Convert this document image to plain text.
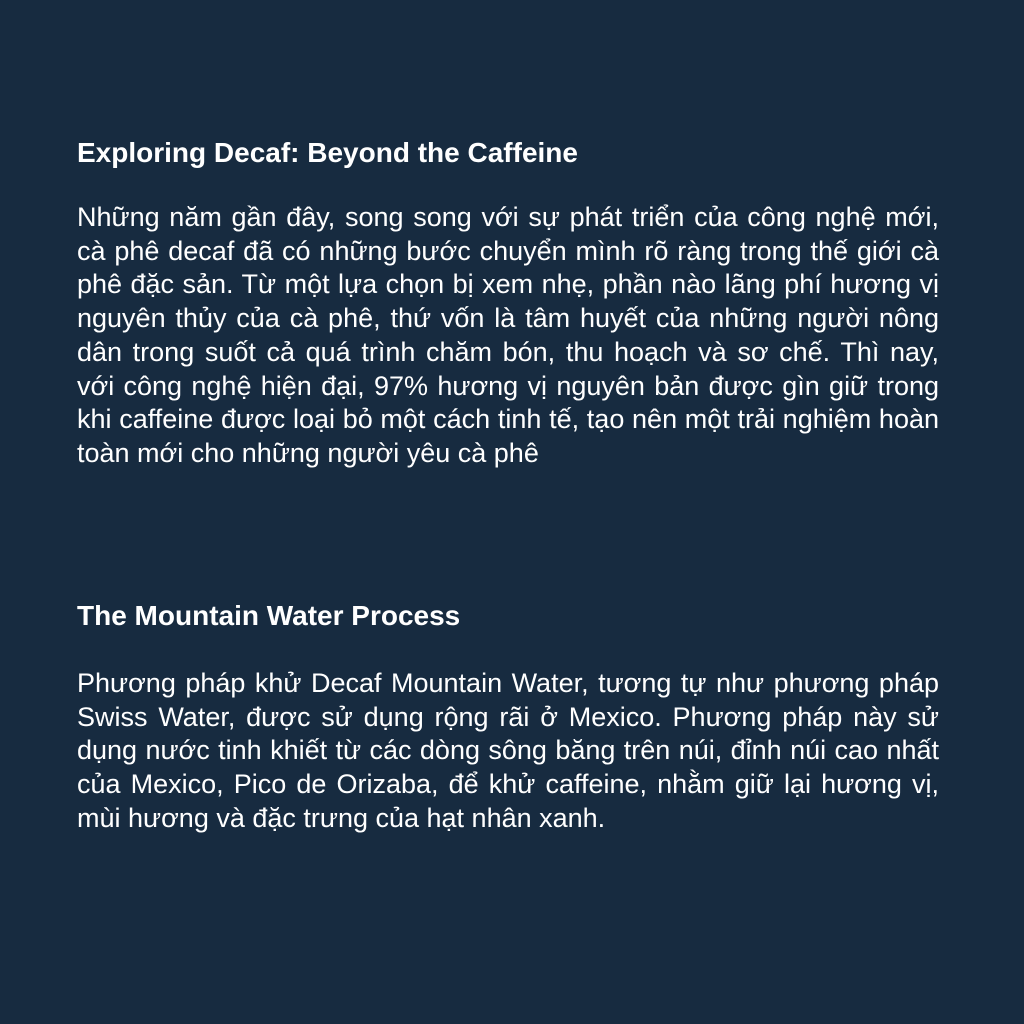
Exploring Decaf: Beyond the Caffeine

Những năm gần đây, song song với sự phát triển của công nghệ mới, cà phê decaf đã có những bước chuyển mình rõ ràng trong thế giới cà phê đặc sản. Từ một lựa chọn bị xem nhẹ, phần nào lãng phí hương vị nguyên thủy của cà phê, thứ vốn là tâm huyết của những người nông dân trong suốt cả quá trình chăm bón, thu hoạch và sơ chế. Thì nay, với công nghệ hiện đại, 97% hương vị nguyên bản được gìn giữ trong khi caffeine được loại bỏ một cách tinh tế, tạo nên một trải nghiệm hoàn toàn mới cho những người yêu cà phê

The Mountain Water Process

Phương pháp khử Decaf Mountain Water, tương tự như phương pháp Swiss Water, được sử dụng rộng rãi ở Mexico. Phương pháp này sử dụng nước tinh khiết từ các dòng sông băng trên núi, đỉnh núi cao nhất của Mexico, Pico de Orizaba, để khử caffeine, nhằm giữ lại hương vị, mùi hương và đặc trưng của hạt nhân xanh.
